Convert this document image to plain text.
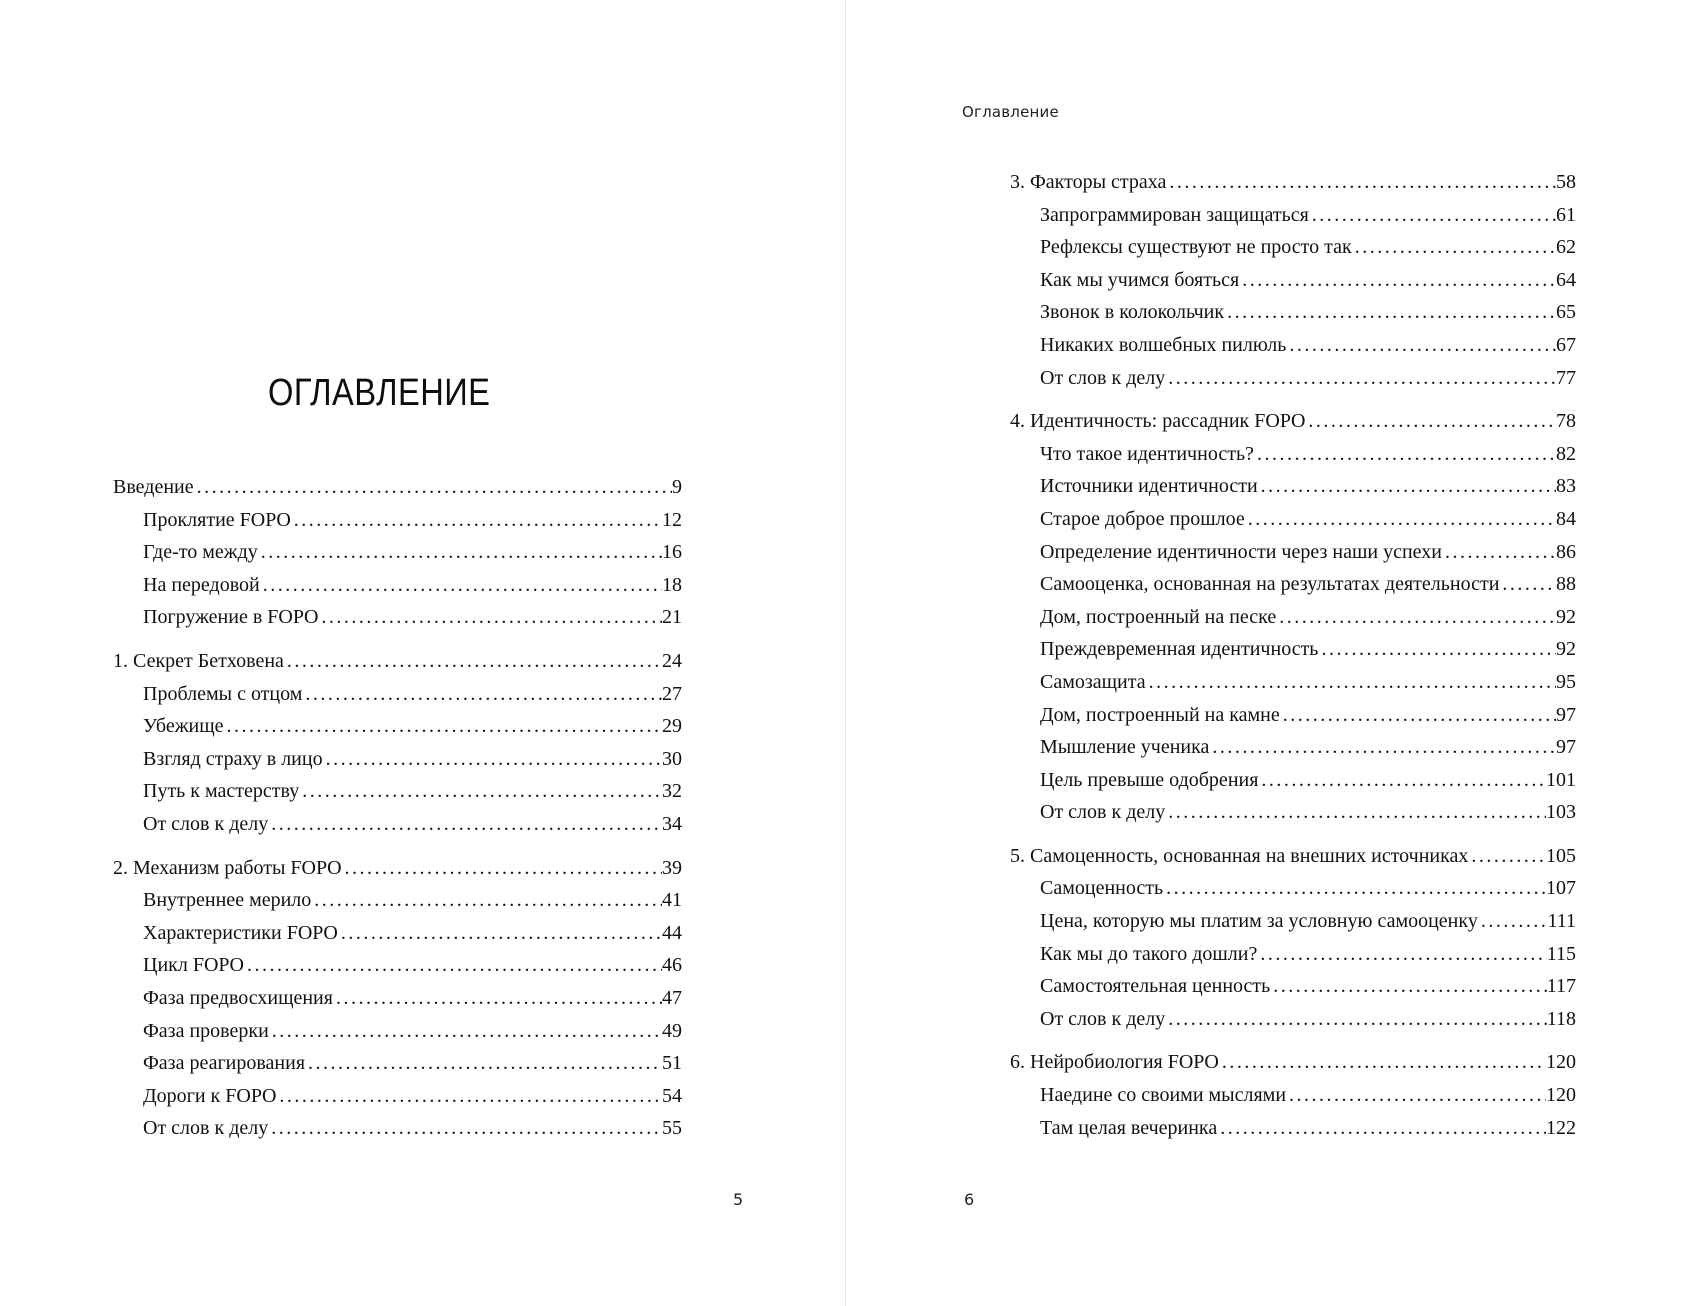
ОГЛАВЛЕНИЕ
Введение .....	9
Проклятие FOPO .....	12
Где-то между .....	16
На передовой .....	18
Погружение в FOPO .....	21
1. Секрет Бетховена .....	24
Проблемы с отцом .....	27
Убежище .....	29
Взгляд страху в лицо .....	30
Путь к мастерству .....	32
От слов к делу .....	34
2. Механизм работы FOPO .....	39
Внутреннее мерило .....	41
Характеристики FOPO .....	44
Цикл FOPO .....	46
Фаза предвосхищения .....	47
Фаза проверки .....	49
Фаза реагирования .....	51
Дороги к FOPO .....	54
От слов к делу .....	55
5
Оглавление
3. Факторы страха .....	58
Запрограммирован защищаться .....	61
Рефлексы существуют не просто так .....	62
Как мы учимся бояться .....	64
Звонок в колокольчик .....	65
Никаких волшебных пилюль .....	67
От слов к делу .....	77
4. Идентичность: рассадник FOPO .....	78
Что такое идентичность? .....	82
Источники идентичности .....	83
Старое доброе прошлое .....	84
Определение идентичности через наши успехи .....	86
Самооценка, основанная на результатах деятельности .....	88
Дом, построенный на песке .....	92
Преждевременная идентичность .....	92
Самозащита .....	95
Дом, построенный на камне .....	97
Мышление ученика .....	97
Цель превыше одобрения .....	101
От слов к делу .....	103
5. Самоценность, основанная на внешних источниках .....	105
Самоценность .....	107
Цена, которую мы платим за условную самооценку .....	111
Как мы до такого дошли? .....	115
Самостоятельная ценность .....	117
От слов к делу .....	118
6. Нейробиология FOPO .....	120
Наедине со своими мыслями .....	120
Там целая вечеринка .....	122
6
